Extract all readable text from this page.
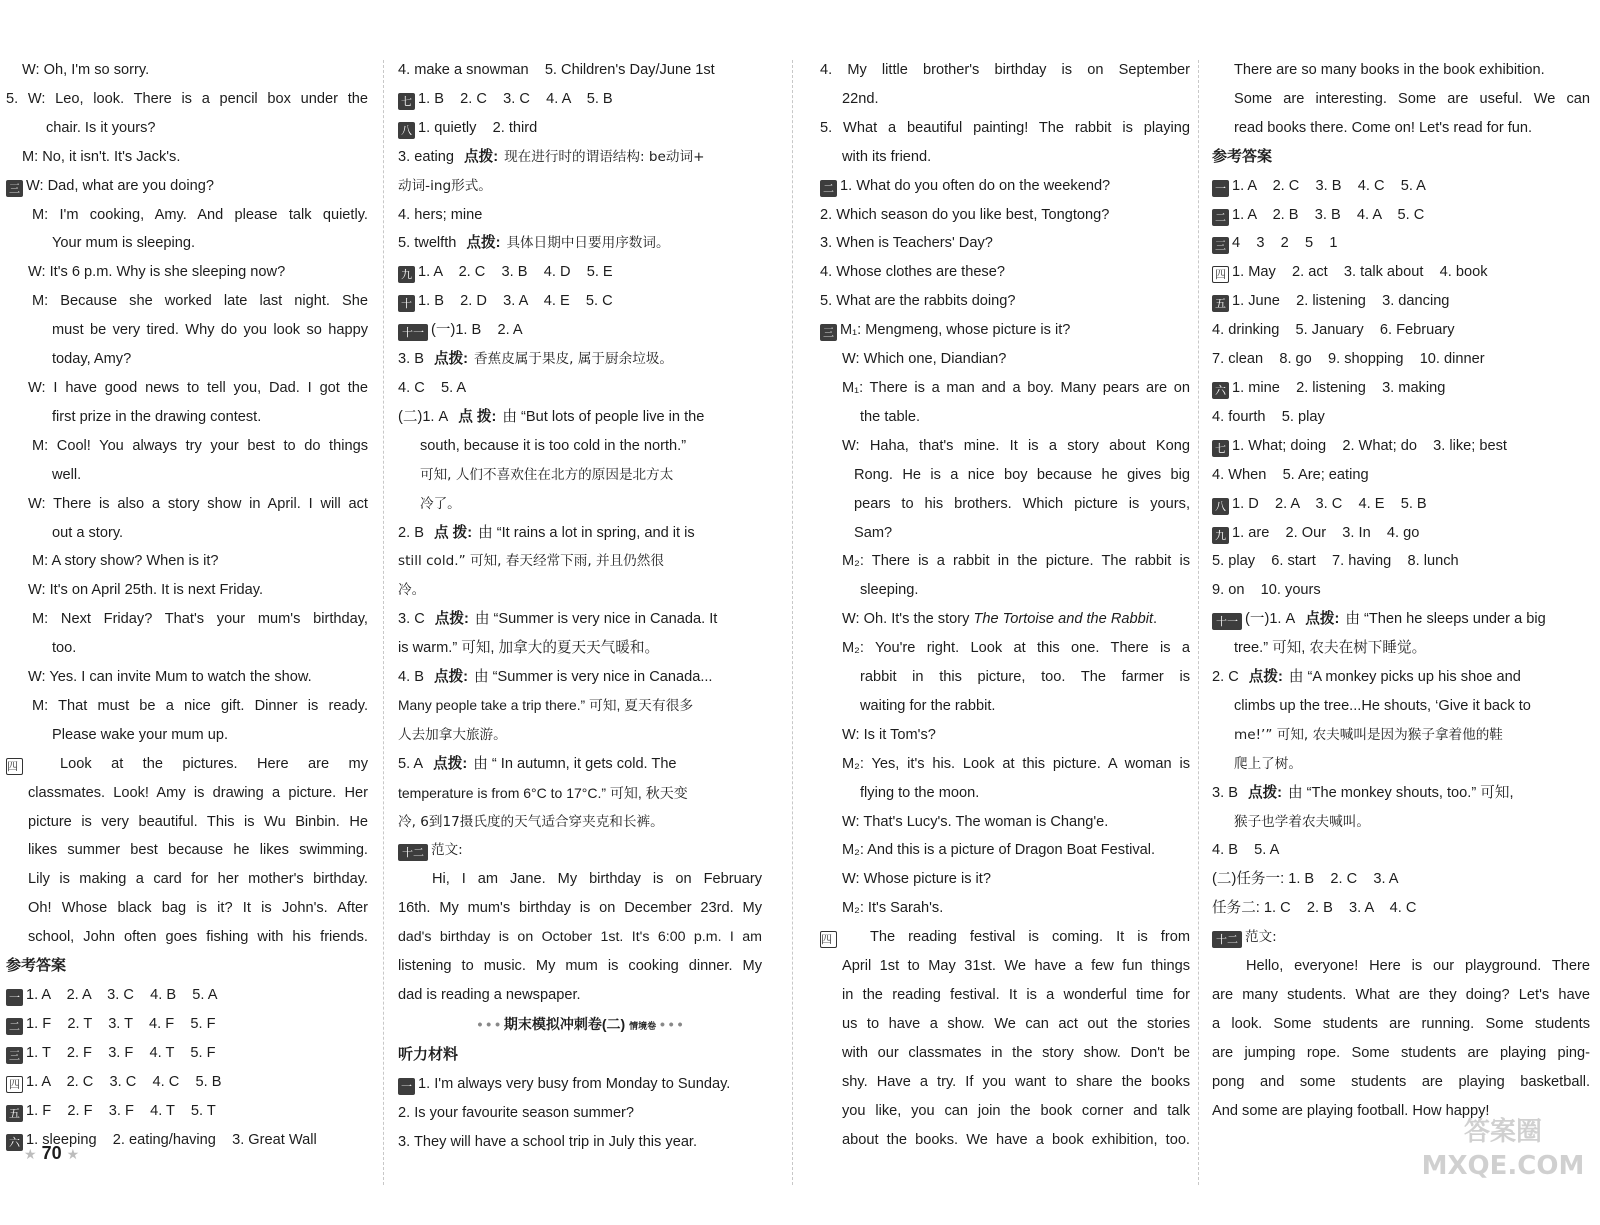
W: Oh, I'm so sorry.
5. W: Leo, look. There is a pencil box under the
chair. Is it yours?
M: No, it isn't. It's Jack's.
三 W: Dad, what are you doing?
M: I'm cooking, Amy. And please talk quietly.
Your mum is sleeping.
W: It's 6 p.m. Why is she sleeping now?
M: Because she worked late last night. She
must be very tired. Why do you look so happy
today, Amy?
W: I have good news to tell you, Dad. I got the
first prize in the drawing contest.
M: Cool! You always try your best to do things
well.
W: There is also a story show in April. I will act
out a story.
M: A story show? When is it?
W: It's on April 25th. It is next Friday.
M: Next Friday? That's your mum's birthday,
too.
W: Yes. I can invite Mum to watch the show.
M: That must be a nice gift. Dinner is ready.
Please wake your mum up.
四	Look at the pictures. Here are my
classmates. Look! Amy is drawing a picture. Her
picture is very beautiful. This is Wu Binbin. He
likes summer best because he likes swimming.
Lily is making a card for her mother's birthday.
Oh! Whose black bag is it? It is John's. After
school, John often goes fishing with his friends.
参考答案
一 1. A    2. A    3. C    4. B    5. A
二 1. F    2. T    3. T    4. F    5. F
三 1. T    2. F    3. F    4. T    5. F
四 1. A    2. C    3. C    4. C    5. B
五 1. F    2. F    3. F    4. T    5. T
六 1. sleeping    2. eating/having    3. Great Wall
4. make a snowman    5. Children's Day/June 1st
七 1. B    2. C    3. C    4. A    5. B
八 1. quietly    2. third
3. eating 点拨: 现在进行时的谓语结构: be动词+
动词-ing形式。
4. hers; mine
5. twelfth 点拨: 具体日期中日要用序数词。
九 1. A    2. C    3. B    4. D    5. E
十 1. B    2. D    3. A    4. E    5. C
十一 (一)1. B    2. A
3. B 点拨: 香蕉皮属于果皮, 属于厨余垃圾。
4. C    5. A
(二)1. A 点 拨: 由 “But lots of people live in the
south, because it is too cold in the north.”
可知, 人们不喜欢住在北方的原因是北方太
冷了。
2. B 点 拨: 由 “It rains a lot in spring, and it is
still cold.” 可知, 春天经常下雨, 并且仍然很
冷。
3. C 点拨: 由 “Summer is very nice in Canada. It
is warm.” 可知, 加拿大的夏天天气暖和。
4. B 点拨: 由 “Summer is very nice in Canada...
Many people take a trip there.” 可知, 夏天有很多
人去加拿大旅游。
5. A 点拨: 由 “ In autumn, it gets cold. The
temperature is from 6°C to 17°C.” 可知, 秋天变
冷, 6到17摄氏度的天气适合穿夹克和长裤。
十二 范文:
Hi, I am Jane. My birthday is on February
16th. My mum's birthday is on December 23rd. My
dad's birthday is on October 1st. It's 6:00 p.m. I am
listening to music. My mum is cooking dinner. My
dad is reading a newspaper.
• • • 期末模拟冲刺卷(二) 情境卷 • • •
听力材料
一 1. I'm always very busy from Monday to Sunday.
2. Is your favourite season summer?
3. They will have a school trip in July this year.
4. My little brother's birthday is on September
22nd.
5. What a beautiful painting! The rabbit is playing
with its friend.
二 1. What do you often do on the weekend?
2. Which season do you like best, Tongtong?
3. When is Teachers' Day?
4. Whose clothes are these?
5. What are the rabbits doing?
三 M₁: Mengmeng, whose picture is it?
W: Which one, Diandian?
M₁: There is a man and a boy. Many pears are on
the table.
W: Haha, that's mine. It is a story about Kong
Rong. He is a nice boy because he gives big
pears to his brothers. Which picture is yours,
Sam?
M₂: There is a rabbit in the picture. The rabbit is
sleeping.
W: Oh. It's the story The Tortoise and the Rabbit.
M₂: You're right. Look at this one. There is a
rabbit in this picture, too. The farmer is
waiting for the rabbit.
W: Is it Tom's?
M₂: Yes, it's his. Look at this picture. A woman is
flying to the moon.
W: That's Lucy's. The woman is Chang'e.
M₂: And this is a picture of Dragon Boat Festival.
W: Whose picture is it?
M₂: It's Sarah's.
四	The reading festival is coming. It is from
April 1st to May 31st. We have a few fun things
in the reading festival. It is a wonderful time for
us to have a show. We can act out the stories
with our classmates in the story show. Don't be
shy. Have a try. If you want to share the books
you like, you can join the book corner and talk
about the books. We have a book exhibition, too.
There are so many books in the book exhibition.
Some are interesting. Some are useful. We can
read books there. Come on! Let's read for fun.
参考答案
一 1. A    2. C    3. B    4. C    5. A
二 1. A    2. B    3. B    4. A    5. C
三 4    3    2    5    1
四 1. May    2. act    3. talk about    4. book
五 1. June    2. listening    3. dancing
4. drinking    5. January    6. February
7. clean    8. go    9. shopping    10. dinner
六 1. mine    2. listening    3. making
4. fourth    5. play
七 1. What; doing    2. What; do    3. like; best
4. When    5. Are; eating
八 1. D    2. A    3. C    4. E    5. B
九 1. are    2. Our    3. In    4. go
5. play    6. start    7. having    8. lunch
9. on    10. yours
十一 (一)1. A 点拨: 由 “Then he sleeps under a big
tree.” 可知, 农夫在树下睡觉。
2. C 点拨: 由 “A monkey picks up his shoe and
climbs up the tree...He shouts, ‘Give it back to
me!’” 可知, 农夫喊叫是因为猴子拿着他的鞋
爬上了树。
3. B 点拨: 由 “The monkey shouts, too.” 可知,
猴子也学着农夫喊叫。
4. B    5. A
(二)任务一: 1. B    2. C    3. A
任务二: 1. C    2. B    3. A    4. C
十二 范文:
Hello, everyone! Here is our playground. There
are many students. What are they doing? Let's have
a look. Some students are running. Some students
are jumping rope. Some students are playing ping-
pong and some students are playing basketball.
And some are playing football. How happy!
★ 70 ★
答案圈
MXQE.COM
